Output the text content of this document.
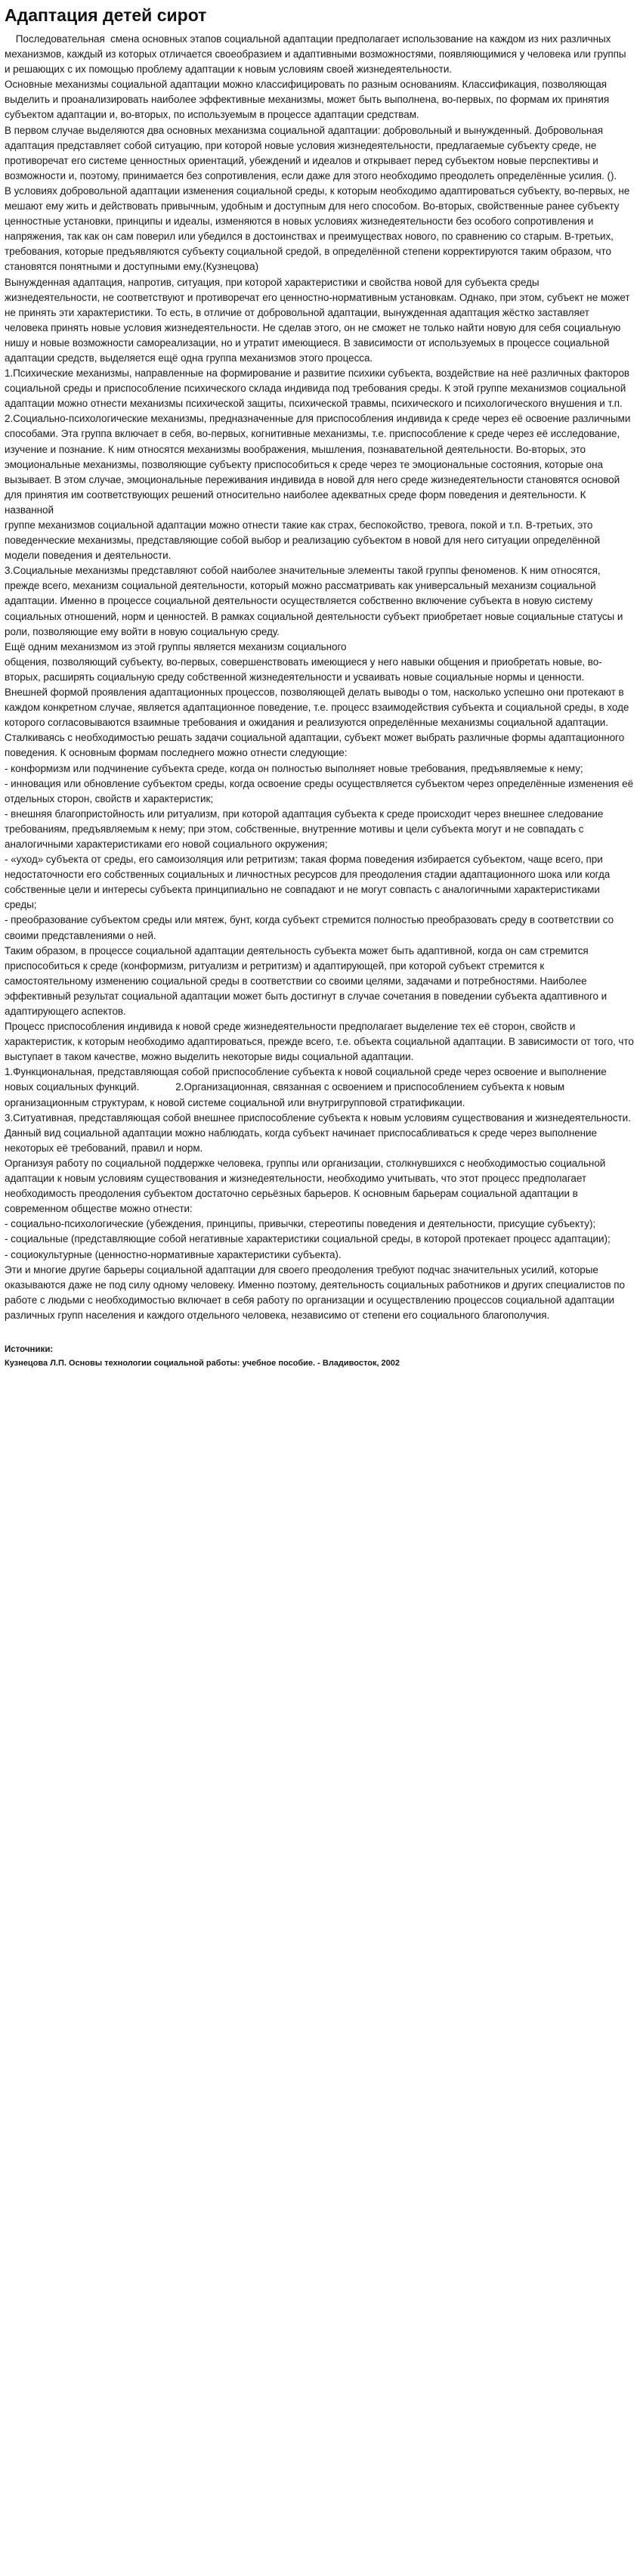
Адаптация детей сирот

Последовательная  смена основных этапов социальной адаптации предполагает использование на каждом из них различных механизмов, каждый из которых отличается своеобразием и адаптивными возможностями, появляющимися у человека или группы и решающих с их помощью проблему адаптации к новым условиям своей жизнедеятельности.

Основные механизмы социальной адаптации можно классифицировать по разным основаниям. Классификация, позволяющая выделить и проанализировать наиболее эффективные механизмы, может быть выполнена, во-первых, по формам их принятия субъектом адаптации и, во-вторых, по используемым в процессе адаптации средствам.

В первом случае выделяются два основных механизма социальной адаптации: добровольный и вынужденный. Добровольная адаптация представляет собой ситуацию, при которой новые условия жизнедеятельности, предлагаемые субъекту среде, не противоречат его системе ценностных ориентаций, убеждений и идеалов и открывает перед субъектом новые перспективы и возможности и, поэтому, принимается без сопротивления, если даже для этого необходимо преодолеть определённые усилия. ().

В условиях добровольной адаптации изменения социальной среды, к которым необходимо адаптироваться субъекту, во-первых, не мешают ему жить и действовать привычным, удобным и доступным для него способом. Во-вторых, свойственные ранее субъекту ценностные установки, принципы и идеалы, изменяются в новых условиях жизнедеятельности без особого сопротивления и напряжения, так как он сам поверил или убедился в достоинствах и преимуществах нового, по сравнению со старым. В-третьих, требования, которые предъявляются субъекту социальной средой, в определённой степени корректируются таким образом, что становятся понятными и доступными ему.(Кузнецова)

Вынужденная адаптация, напротив, ситуация, при которой характеристики и свойства новой для субъекта среды жизнедеятельности, не соответствуют и противоречат его ценностно-нормативным установкам. Однако, при этом, субъект не может не принять эти характеристики. То есть, в отличие от добровольной адаптации, вынужденная адаптация жёстко заставляет человека принять новые условия жизнедеятельности. Не сделав этого, он не сможет не только найти новую для себя социальную нишу и новые возможности самореализации, но и утратит имеющиеся. В зависимости от используемых в процессе социальной адаптации средств, выделяется ещё одна группа механизмов этого процесса.

1.Психические механизмы, направленные на формирование и развитие психики субъекта, воздействие на неё различных факторов социальной среды и приспособление психического склада индивида под требования среды. К этой группе механизмов социальной адаптации можно отнести механизмы психической защиты, психической травмы, психического и психологического внушения и т.п.

2.Социально-психологические механизмы, предназначенные для приспособления индивида к среде через её освоение различными способами. Эта группа включает в себя, во-первых, когнитивные механизмы, т.е. приспособление к среде через её исследование, изучение и познание. К ним относятся механизмы воображения, мышления, познавательной деятельности. Во-вторых, это эмоциональные механизмы, позволяющие субъекту приспособиться к среде через те эмоциональные состояния, которые она вызывает. В этом случае, эмоциональные переживания индивида в новой для него среде жизнедеятельности становятся основой для принятия им соответствующих решений относительно наиболее адекватных среде форм поведения и деятельности. К названной

группе механизмов социальной адаптации можно отнести такие как страх, беспокойство, тревога, покой и т.п. В-третьих, это поведенческие механизмы, представляющие собой выбор и реализацию субъектом в новой для него ситуации определённой модели поведения и деятельности.

3.Социальные механизмы представляют собой наиболее значительные элементы такой группы феноменов. К ним относятся, прежде всего, механизм социальной деятельности, который можно рассматривать как универсальный механизм социальной адаптации. Именно в процессе социальной деятельности осуществляется собственно включение субъекта в новую систему социальных отношений, норм и ценностей. В рамках социальной деятельности субъект приобретает новые социальные статусы и роли, позволяющие ему войти в новую социальную среду.

Ещё одним механизмом из этой группы является механизм социального

общения, позволяющий субъекту, во-первых, совершенствовать имеющиеся у него навыки общения и приобретать новые, во-вторых, расширять социальную среду собственной жизнедеятельности и усваивать новые социальные нормы и ценности.

Внешней формой проявления адаптационных процессов, позволяющей делать выводы о том, насколько успешно они протекают в каждом конкретном случае, является адаптационное поведение, т.е. процесс взаимодействия субъекта и социальной среды, в ходе которого согласовываются взаимные требования и ожидания и реализуются определённые механизмы социальной адаптации.

Сталкиваясь с необходимостью решать задачи социальной адаптации, субъект может выбрать различные формы адаптационного поведения. К основным формам последнего можно отнести следующие:

- конформизм или подчинение субъекта среде, когда он полностью выполняет новые требования, предъявляемые к нему;

- инновация или обновление субъектом среды, когда освоение среды осуществляется субъектом через определённые изменения её отдельных сторон, свойств и характеристик;

- внешняя благопристойность или ритуализм, при которой адаптация субъекта к среде происходит через внешнее следование требованиям, предъявляемым к нему; при этом, собственные, внутренние мотивы и цели субъекта могут и не совпадать с аналогичными характеристиками его новой социального окружения;

- «уход» субъекта от среды, его самоизоляция или ретритизм; такая форма поведения избирается субъектом, чаще всего, при недостаточности его собственных социальных и личностных ресурсов для преодоления стадии адаптационного шока или когда собственные цели и интересы субъекта принципиально не совпадают и не могут совпасть с аналогичными характеристиками среды;

- преобразование субъектом среды или мятеж, бунт, когда субъект стремится полностью преобразовать среду в соответствии со своими представлениями о ней.

Таким образом, в процессе социальной адаптации деятельность субъекта может быть адаптивной, когда он сам стремится приспособиться к среде (конформизм, ритуализм и ретритизм) и адаптирующей, при которой субъект стремится к самостоятельному изменению социальной среды в соответствии со своими целями, задачами и потребностями. Наиболее эффективный результат социальной адаптации может быть достигнут в случае сочетания в поведении субъекта адаптивного и адаптирующего аспектов.

Процесс приспособления индивида к новой среде жизнедеятельности предполагает выделение тех её сторон, свойств и характеристик, к которым необходимо адаптироваться, прежде всего, т.е. объекта социальной адаптации. В зависимости от того, что выступает в таком качестве, можно выделить некоторые виды социальной адаптации.

1.Функциональная, представляющая собой приспособление субъекта к новой социальной среде через освоение и выполнение новых социальных функций.             2.Организационная, связанная с освоением и приспособлением субъекта к новым организационным структурам, к новой системе социальной или внутригрупповой стратификации.

3.Ситуативная, представляющая собой внешнее приспособление субъекта к новым условиям существования и жизнедеятельности. Данный вид социальной адаптации можно наблюдать, когда субъект начинает приспосабливаться к среде через выполнение некоторых её требований, правил и норм.

Организуя работу по социальной поддержке человека, группы или организации, столкнувшихся с необходимостью социальной адаптации к новым условиям существования и жизнедеятельности, необходимо учитывать, что этот процесс предполагает необходимость преодоления субъектом достаточно серьёзных барьеров. К основным барьерам социальной адаптации в современном обществе можно отнести:

- социально-психологические (убеждения, принципы, привычки, стереотипы поведения и деятельности, присущие субъекту);

- социальные (представляющие собой негативные характеристики социальной среды, в которой протекает процесс адаптации);

- социокультурные (ценностно-нормативные характеристики субъекта).

Эти и многие другие барьеры социальной адаптации для своего преодоления требуют подчас значительных усилий, которые оказываются даже не под силу одному человеку. Именно поэтому, деятельность социальных работников и других специалистов по работе с людьми с необходимостью включает в себя работу по организации и осуществлению процессов социальной адаптации различных групп населения и каждого отдельного человека, независимо от степени его социального благополучия.

Источники:
Кузнецова Л.П. Основы технологии социальной работы: учебное пособие. - Владивосток, 2002
